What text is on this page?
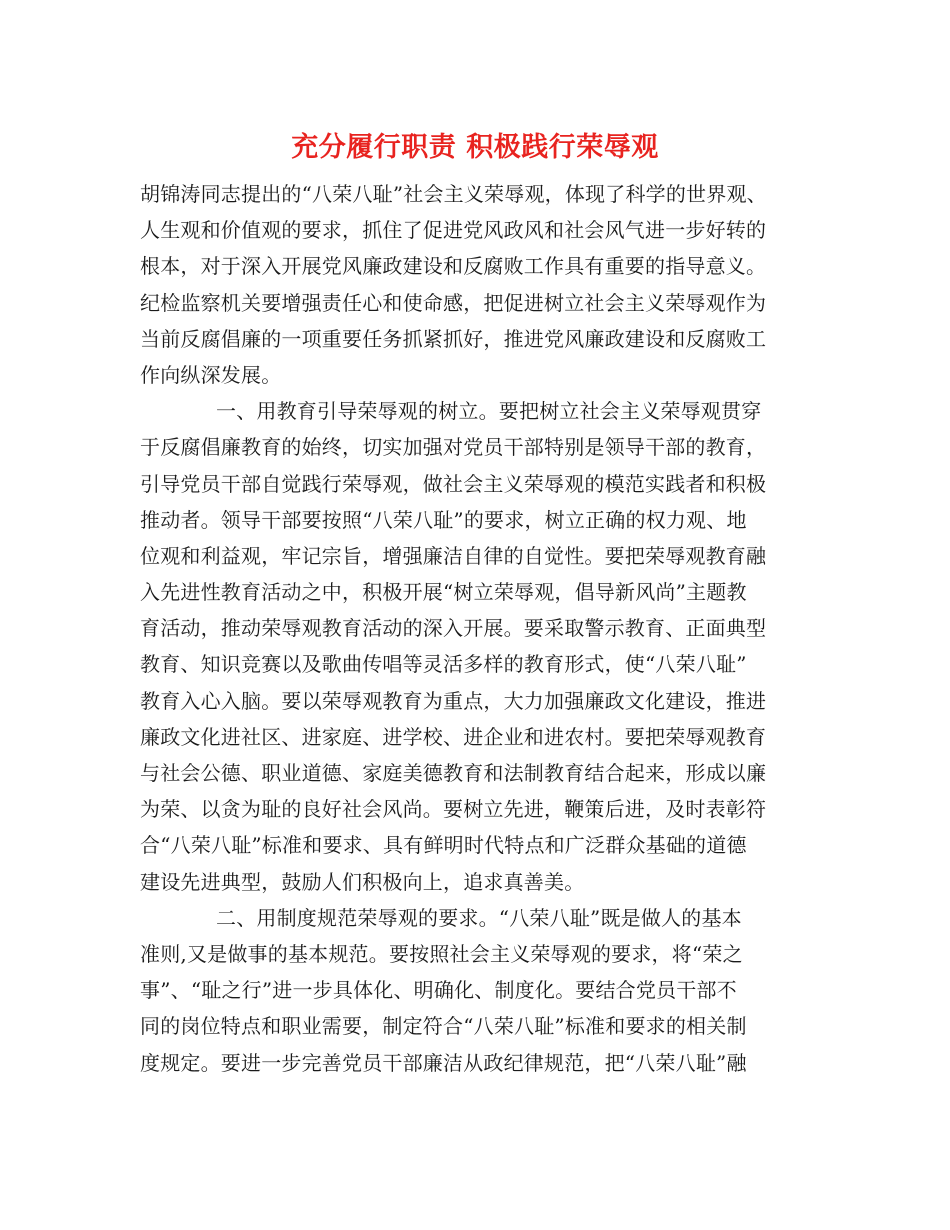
充分履行职责 积极践行荣辱观
胡锦涛同志提出的“八荣八耻”社会主义荣辱观，体现了科学的世界观、
人生观和价值观的要求，抓住了促进党风政风和社会风气进一步好转的
根本，对于深入开展党风廉政建设和反腐败工作具有重要的指导意义。
纪检监察机关要增强责任心和使命感，把促进树立社会主义荣辱观作为
当前反腐倡廉的一项重要任务抓紧抓好，推进党风廉政建设和反腐败工
作向纵深发展。
一、用教育引导荣辱观的树立。要把树立社会主义荣辱观贯穿
于反腐倡廉教育的始终，切实加强对党员干部特别是领导干部的教育，
引导党员干部自觉践行荣辱观，做社会主义荣辱观的模范实践者和积极
推动者。领导干部要按照“八荣八耻”的要求，树立正确的权力观、地
位观和利益观，牢记宗旨，增强廉洁自律的自觉性。要把荣辱观教育融
入先进性教育活动之中，积极开展“树立荣辱观，倡导新风尚”主题教
育活动，推动荣辱观教育活动的深入开展。要采取警示教育、正面典型
教育、知识竞赛以及歌曲传唱等灵活多样的教育形式，使“八荣八耻”
教育入心入脑。要以荣辱观教育为重点，大力加强廉政文化建设，推进
廉政文化进社区、进家庭、进学校、进企业和进农村。要把荣辱观教育
与社会公德、职业道德、家庭美德教育和法制教育结合起来，形成以廉
为荣、以贪为耻的良好社会风尚。要树立先进，鞭策后进，及时表彰符
合“八荣八耻”标准和要求、具有鲜明时代特点和广泛群众基础的道德
建设先进典型，鼓励人们积极向上，追求真善美。
二、用制度规范荣辱观的要求。“八荣八耻”既是做人的基本
准则,又是做事的基本规范。要按照社会主义荣辱观的要求，将“荣之
事”、“耻之行”进一步具体化、明确化、制度化。要结合党员干部不
同的岗位特点和职业需要，制定符合“八荣八耻”标准和要求的相关制
度规定。要进一步完善党员干部廉洁从政纪律规范，把“八荣八耻”融
